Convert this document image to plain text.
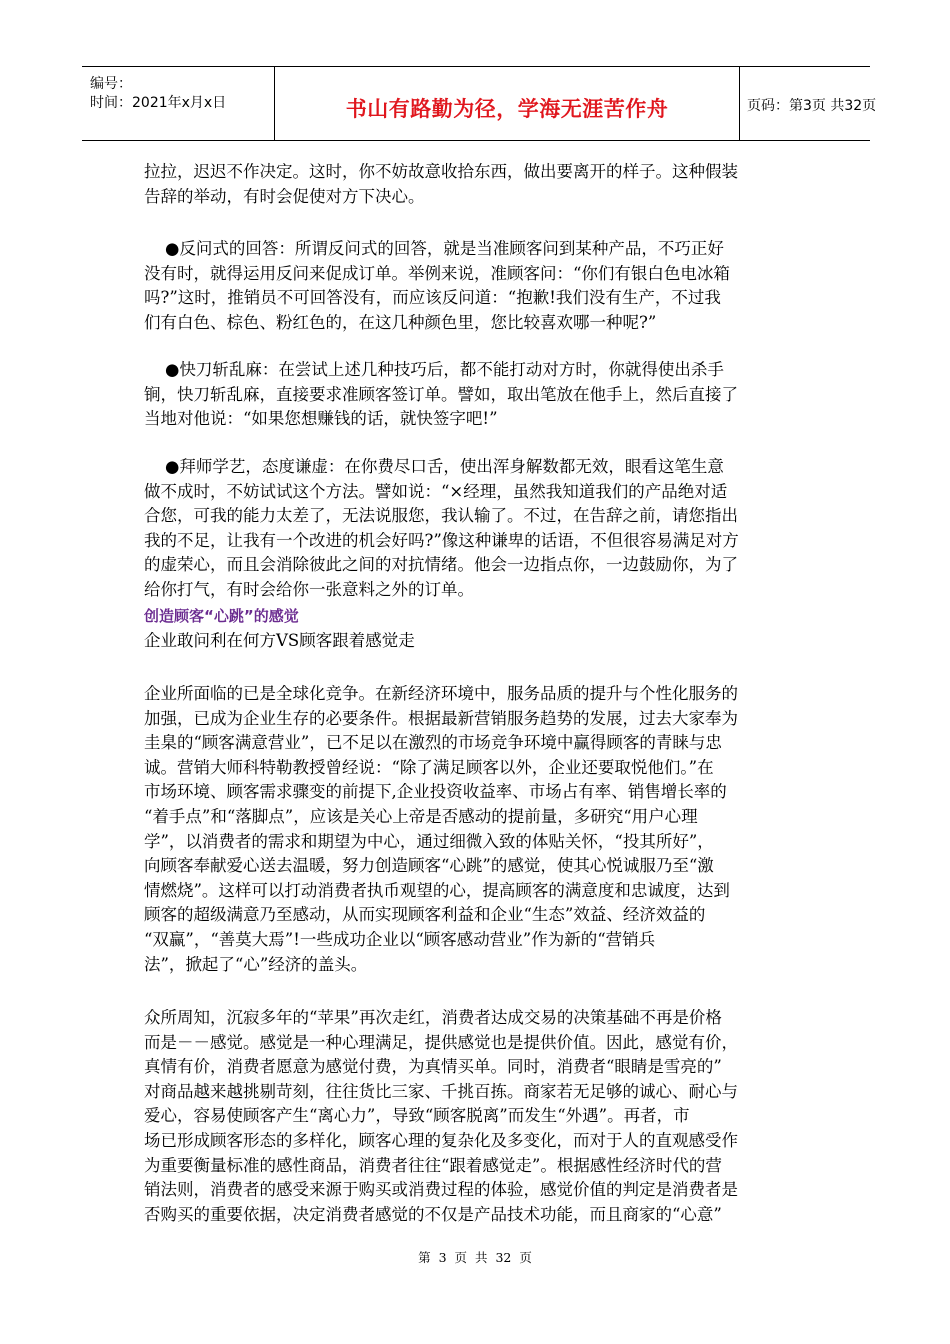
编号：
时间：2021年x月x日	书山有路勤为径，学海无涯苦作舟	页码：第3页 共32页
拉拉，迟迟不作决定。这时，你不妨故意收拾东西，做出要离开的样子。这种假装
告辞的举动，有时会促使对方下决心。
●反问式的回答：所谓反问式的回答，就是当准顾客问到某种产品，不巧正好
没有时，就得运用反问来促成订单。举例来说，准顾客问：“你们有银白色电冰箱
吗?”这时，推销员不可回答没有，而应该反问道：“抱歉!我们没有生产，不过我
们有白色、棕色、粉红色的，在这几种颜色里，您比较喜欢哪一种呢?”
●快刀斩乱麻：在尝试上述几种技巧后，都不能打动对方时，你就得使出杀手
锏，快刀斩乱麻，直接要求准顾客签订单。譬如，取出笔放在他手上，然后直接了
当地对他说：“如果您想赚钱的话，就快签字吧!”
●拜师学艺，态度谦虚：在你费尽口舌，使出浑身解数都无效，眼看这笔生意
做不成时，不妨试试这个方法。譬如说：“×经理，虽然我知道我们的产品绝对适
合您，可我的能力太差了，无法说服您，我认输了。不过，在告辞之前，请您指出
我的不足，让我有一个改进的机会好吗?”像这种谦卑的话语，不但很容易满足对方
的虚荣心，而且会消除彼此之间的对抗情绪。他会一边指点你，一边鼓励你，为了
给你打气，有时会给你一张意料之外的订单。
创造顾客“心跳”的感觉
企业敢问利在何方VS顾客跟着感觉走
企业所面临的已是全球化竞争。在新经济环境中，服务品质的提升与个性化服务的
加强，已成为企业生存的必要条件。根据最新营销服务趋势的发展，过去大家奉为
圭臬的“顾客满意营业”，已不足以在激烈的市场竞争环境中赢得顾客的青睐与忠
诚。营销大师科特勒教授曾经说：“除了满足顾客以外，企业还要取悦他们。”在
市场环境、顾客需求骤变的前提下,企业投资收益率、市场占有率、销售增长率的
“着手点”和“落脚点”，应该是关心上帝是否感动的提前量，多研究“用户心理
学”，以消费者的需求和期望为中心，通过细微入致的体贴关怀，“投其所好”，
向顾客奉献爱心送去温暖，努力创造顾客“心跳”的感觉，使其心悦诚服乃至“激
情燃烧”。这样可以打动消费者执币观望的心，提高顾客的满意度和忠诚度，达到
顾客的超级满意乃至感动，从而实现顾客利益和企业“生态”效益、经济效益的
“双赢”，“善莫大焉”!一些成功企业以“顾客感动营业”作为新的“营销兵
法”，掀起了“心”经济的盖头。
众所周知，沉寂多年的“苹果”再次走红，消费者达成交易的决策基础不再是价格
而是－－感觉。感觉是一种心理满足，提供感觉也是提供价值。因此，感觉有价，
真情有价，消费者愿意为感觉付费，为真情买单。同时，消费者“眼睛是雪亮的”
对商品越来越挑剔苛刻，往往货比三家、千挑百拣。商家若无足够的诚心、耐心与
爱心，容易使顾客产生“离心力”，导致“顾客脱离”而发生“外遇”。再者，市
场已形成顾客形态的多样化，顾客心理的复杂化及多变化，而对于人的直观感受作
为重要衡量标准的感性商品，消费者往往“跟着感觉走”。根据感性经济时代的营
销法则，消费者的感受来源于购买或消费过程的体验，感觉价值的判定是消费者是
否购买的重要依据，决定消费者感觉的不仅是产品技术功能，而且商家的“心意”
第 3 页 共 32 页
